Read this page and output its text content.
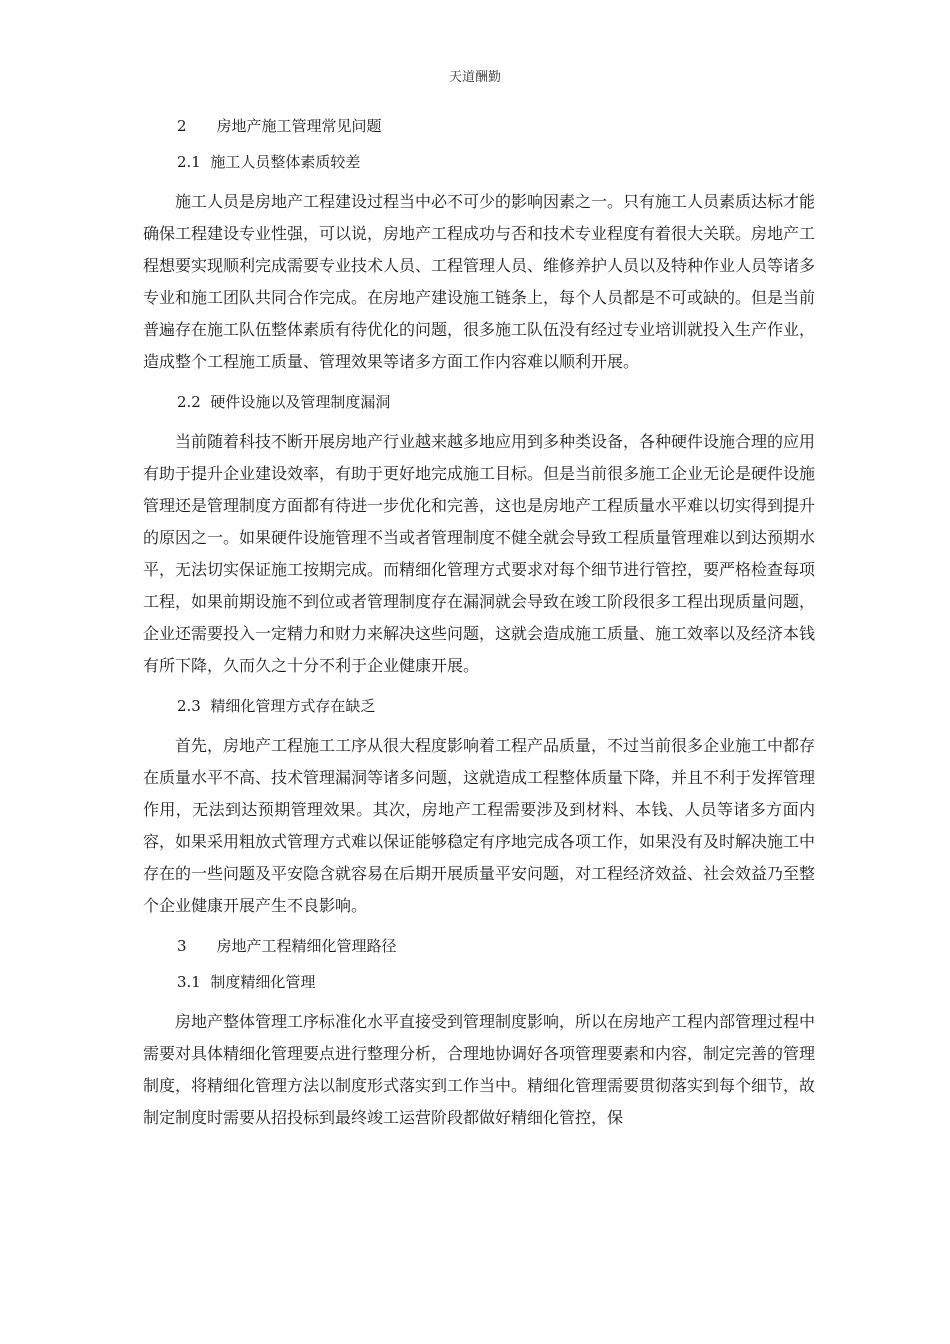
天道酬勤
2　　房地产施工管理常见问题
2.1  施工人员整体素质较差

施工人员是房地产工程建设过程当中必不可少的影响因素之一。只有施工人员素质达标才能确保工程建设专业性强，可以说，房地产工程成功与否和技术专业程度有着很大关联。房地产工程想要实现顺利完成需要专业技术人员、工程管理人员、维修养护人员以及特种作业人员等诸多专业和施工团队共同合作完成。在房地产建设施工链条上，每个人员都是不可或缺的。但是当前普遍存在施工队伍整体素质有待优化的问题，很多施工队伍没有经过专业培训就投入生产作业，造成整个工程施工质量、管理效果等诸多方面工作内容难以顺利开展。

2.2  硬件设施以及管理制度漏洞

当前随着科技不断开展房地产行业越来越多地应用到多种类设备，各种硬件设施合理的应用有助于提升企业建设效率，有助于更好地完成施工目标。但是当前很多施工企业无论是硬件设施管理还是管理制度方面都有待进一步优化和完善，这也是房地产工程质量水平难以切实得到提升的原因之一。如果硬件设施管理不当或者管理制度不健全就会导致工程质量管理难以到达预期水平，无法切实保证施工按期完成。而精细化管理方式要求对每个细节进行管控，要严格检查每项工程，如果前期设施不到位或者管理制度存在漏洞就会导致在竣工阶段很多工程出现质量问题，企业还需要投入一定精力和财力来解决这些问题，这就会造成施工质量、施工效率以及经济本钱有所下降，久而久之十分不利于企业健康开展。

2.3  精细化管理方式存在缺乏

首先，房地产工程施工工序从很大程度影响着工程产品质量，不过当前很多企业施工中都存在质量水平不高、技术管理漏洞等诸多问题，这就造成工程整体质量下降，并且不利于发挥管理作用，无法到达预期管理效果。其次，房地产工程需要涉及到材料、本钱、人员等诸多方面内容，如果采用粗放式管理方式难以保证能够稳定有序地完成各项工作，如果没有及时解决施工中存在的一些问题及平安隐含就容易在后期开展质量平安问题，对工程经济效益、社会效益乃至整个企业健康开展产生不良影响。

3　　房地产工程精细化管理路径
3.1  制度精细化管理

房地产整体管理工序标准化水平直接受到管理制度影响，所以在房地产工程内部管理过程中需要对具体精细化管理要点进行整理分析，合理地协调好各项管理要素和内容，制定完善的管理制度，将精细化管理方法以制度形式落实到工作当中。精细化管理需要贯彻落实到每个细节，故制定制度时需要从招投标到最终竣工运营阶段都做好精细化管控，保
